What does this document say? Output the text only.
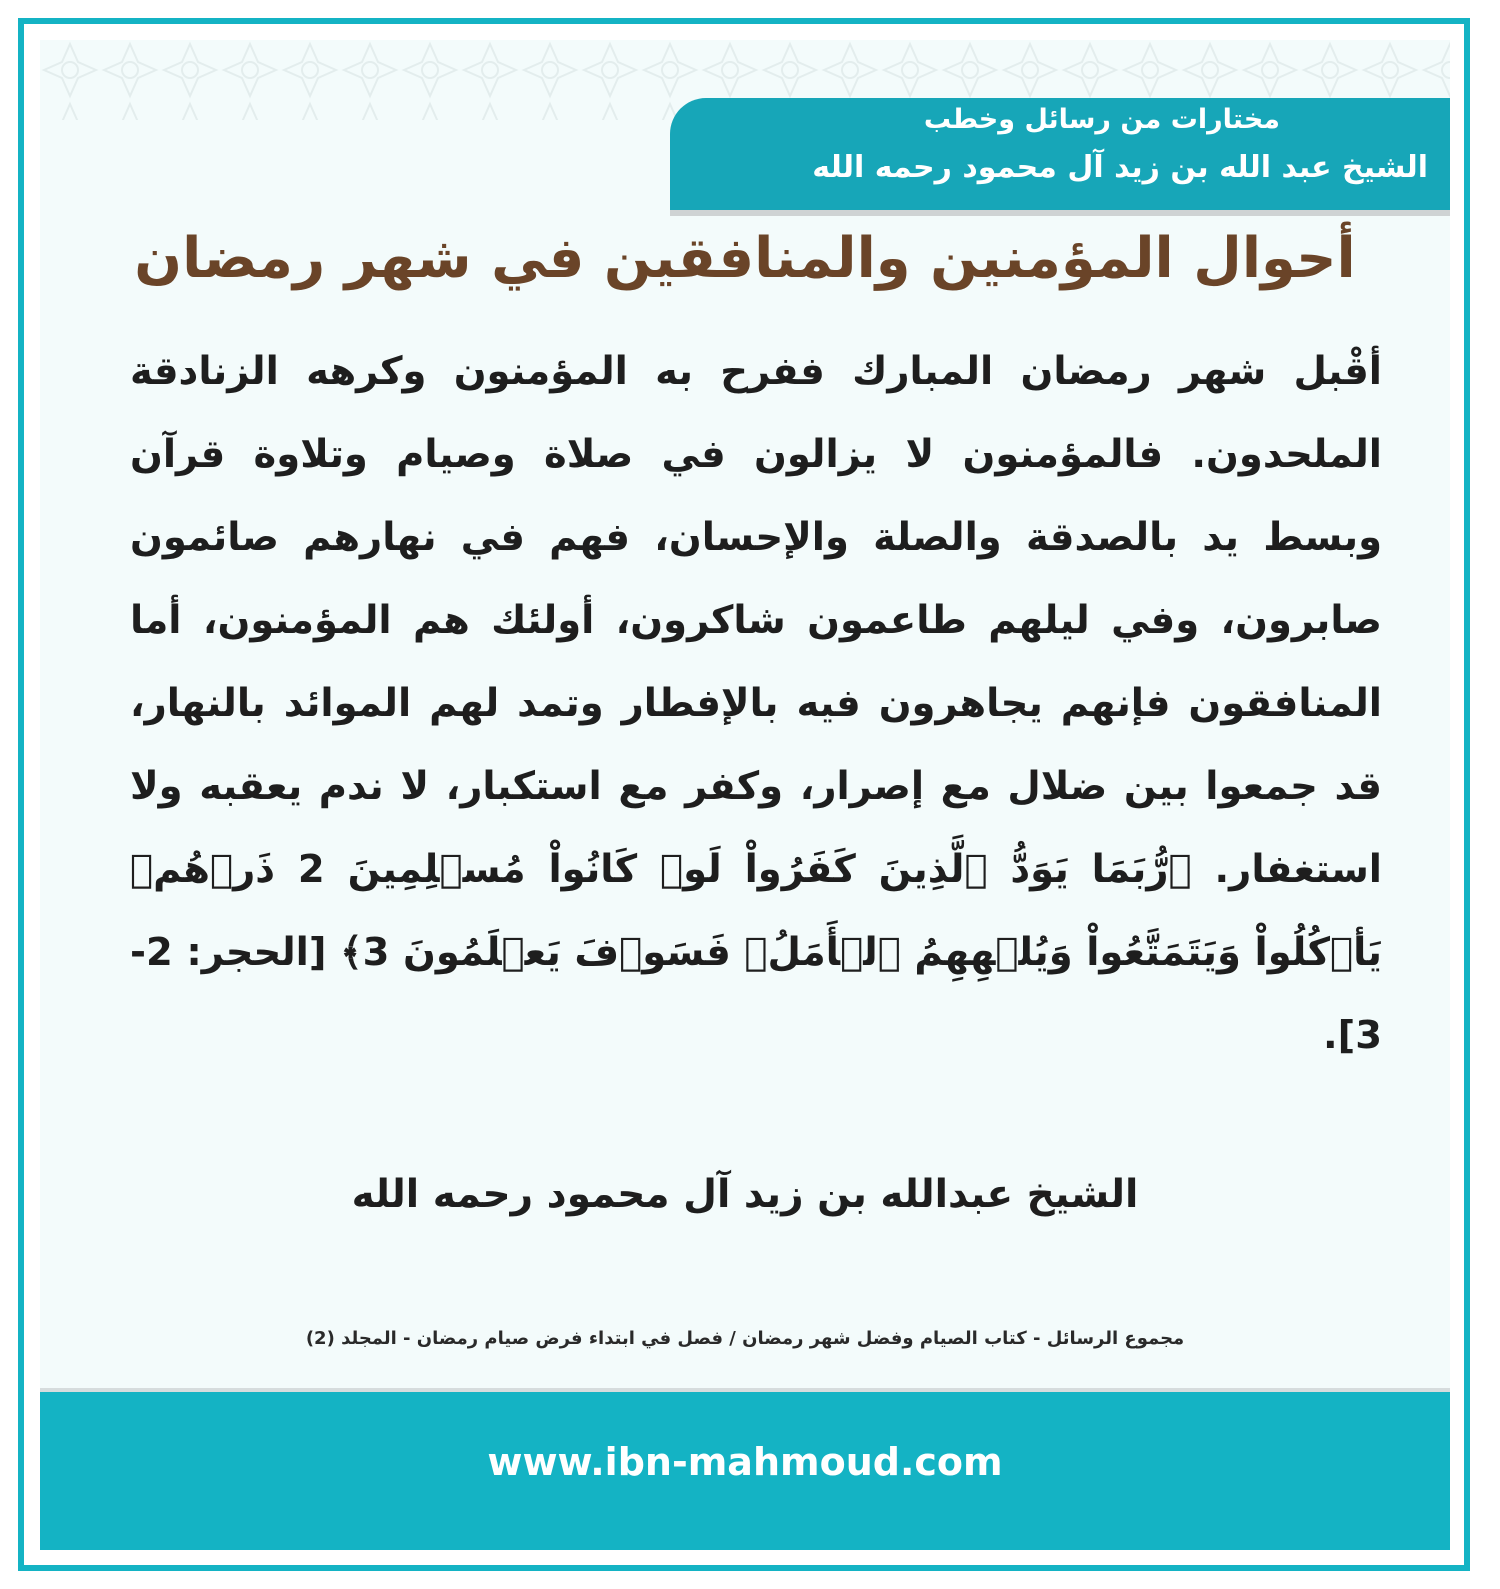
مختارات من رسائل وخطب
الشيخ عبد الله بن زيد آل محمود رحمه الله
أحوال المؤمنين والمنافقين في شهر رمضان

أقْبل شهر رمضان المبارك ففرح به المؤمنون وكرهه الزنادقة الملحدون. فالمؤمنون لا يزالون في صلاة وصيام وتلاوة قرآن وبسط يد بالصدقة والصلة والإحسان، فهم في نهارهم صائمون صابرون، وفي ليلهم طاعمون شاكرون، أولئك هم المؤمنون، أما المنافقون فإنهم يجاهرون فيه بالإفطار وتمد لهم الموائد بالنهار، قد جمعوا بين ضلال مع إصرار، وكفر مع استكبار، لا ندم يعقبه ولا استغفار. ﴿رُّبَمَا يَوَدُّ ٱلَّذِينَ كَفَرُواْ لَوۡ كَانُواْ مُسۡلِمِينَ 2 ذَرۡهُمۡ يَأۡكُلُواْ وَيَتَمَتَّعُواْ وَيُلۡهِهِمُ ٱلۡأَمَلُۖ فَسَوۡفَ يَعۡلَمُونَ 3﴾ [الحجر: 2-3].

الشيخ عبدالله بن زيد آل محمود رحمه الله
مجموع الرسائل - كتاب الصيام وفضل شهر رمضان / فصل في ابتداء فرض صيام رمضان - المجلد (2)
www.ibn-mahmoud.com
